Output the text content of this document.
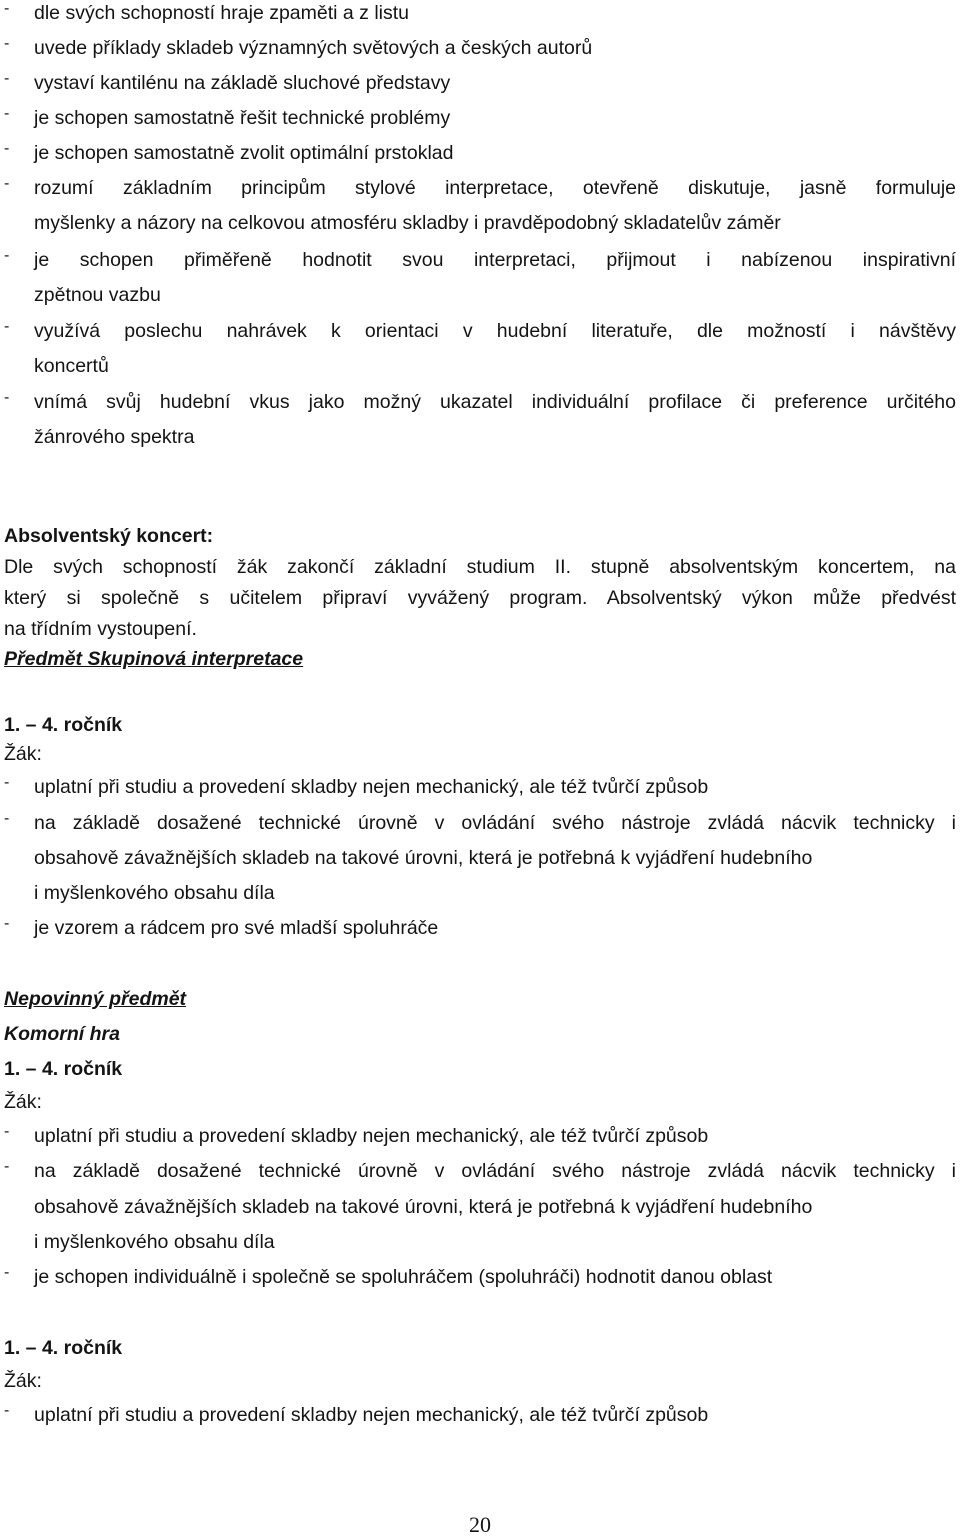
-	dle svých schopností hraje zpaměti a z listu
-	uvede příklady skladeb významných světových a českých autorů
-	vystaví kantilénu na základě sluchové představy
-	je schopen samostatně řešit technické problémy
-	je schopen samostatně zvolit optimální prstoklad
-	rozumí základním principům stylové interpretace, otevřeně diskutuje, jasně formuluje
myšlenky a názory na celkovou atmosféru skladby i pravděpodobný skladatelův záměr
-	je schopen přiměřeně hodnotit svou interpretaci, přijmout i nabízenou inspirativní
zpětnou vazbu
-	využívá poslechu nahrávek k orientaci v hudební literatuře, dle možností i návštěvy
koncertů
-	vnímá svůj hudební vkus jako možný ukazatel individuální profilace či preference určitého
žánrového spektra
Absolventský koncert:
Dle svých schopností žák zakončí základní studium II. stupně absolventským koncertem, na
který si společně s učitelem připraví vyvážený program. Absolventský výkon může předvést
na třídním vystoupení.
Předmět Skupinová interpretace
1. – 4. ročník
Žák:
-	uplatní při studiu a provedení skladby nejen mechanický, ale též tvůrčí způsob
-	na základě dosažené technické úrovně v ovládání svého nástroje zvládá nácvik technicky i
obsahově závažnějších skladeb na takové úrovni, která je potřebná k vyjádření hudebního
i myšlenkového obsahu díla
-	je vzorem a rádcem pro své mladší spoluhráče
Nepovinný předmět
Komorní hra
1. – 4. ročník
Žák:
-	uplatní při studiu a provedení skladby nejen mechanický, ale též tvůrčí způsob
-	na základě dosažené technické úrovně v ovládání svého nástroje zvládá nácvik technicky i
obsahově závažnějších skladeb na takové úrovni, která je potřebná k vyjádření hudebního
i myšlenkového obsahu díla
-	je schopen individuálně i společně se spoluhráčem (spoluhráči) hodnotit danou oblast
1. – 4. ročník
Žák:
-	uplatní při studiu a provedení skladby nejen mechanický, ale též tvůrčí způsob
20
